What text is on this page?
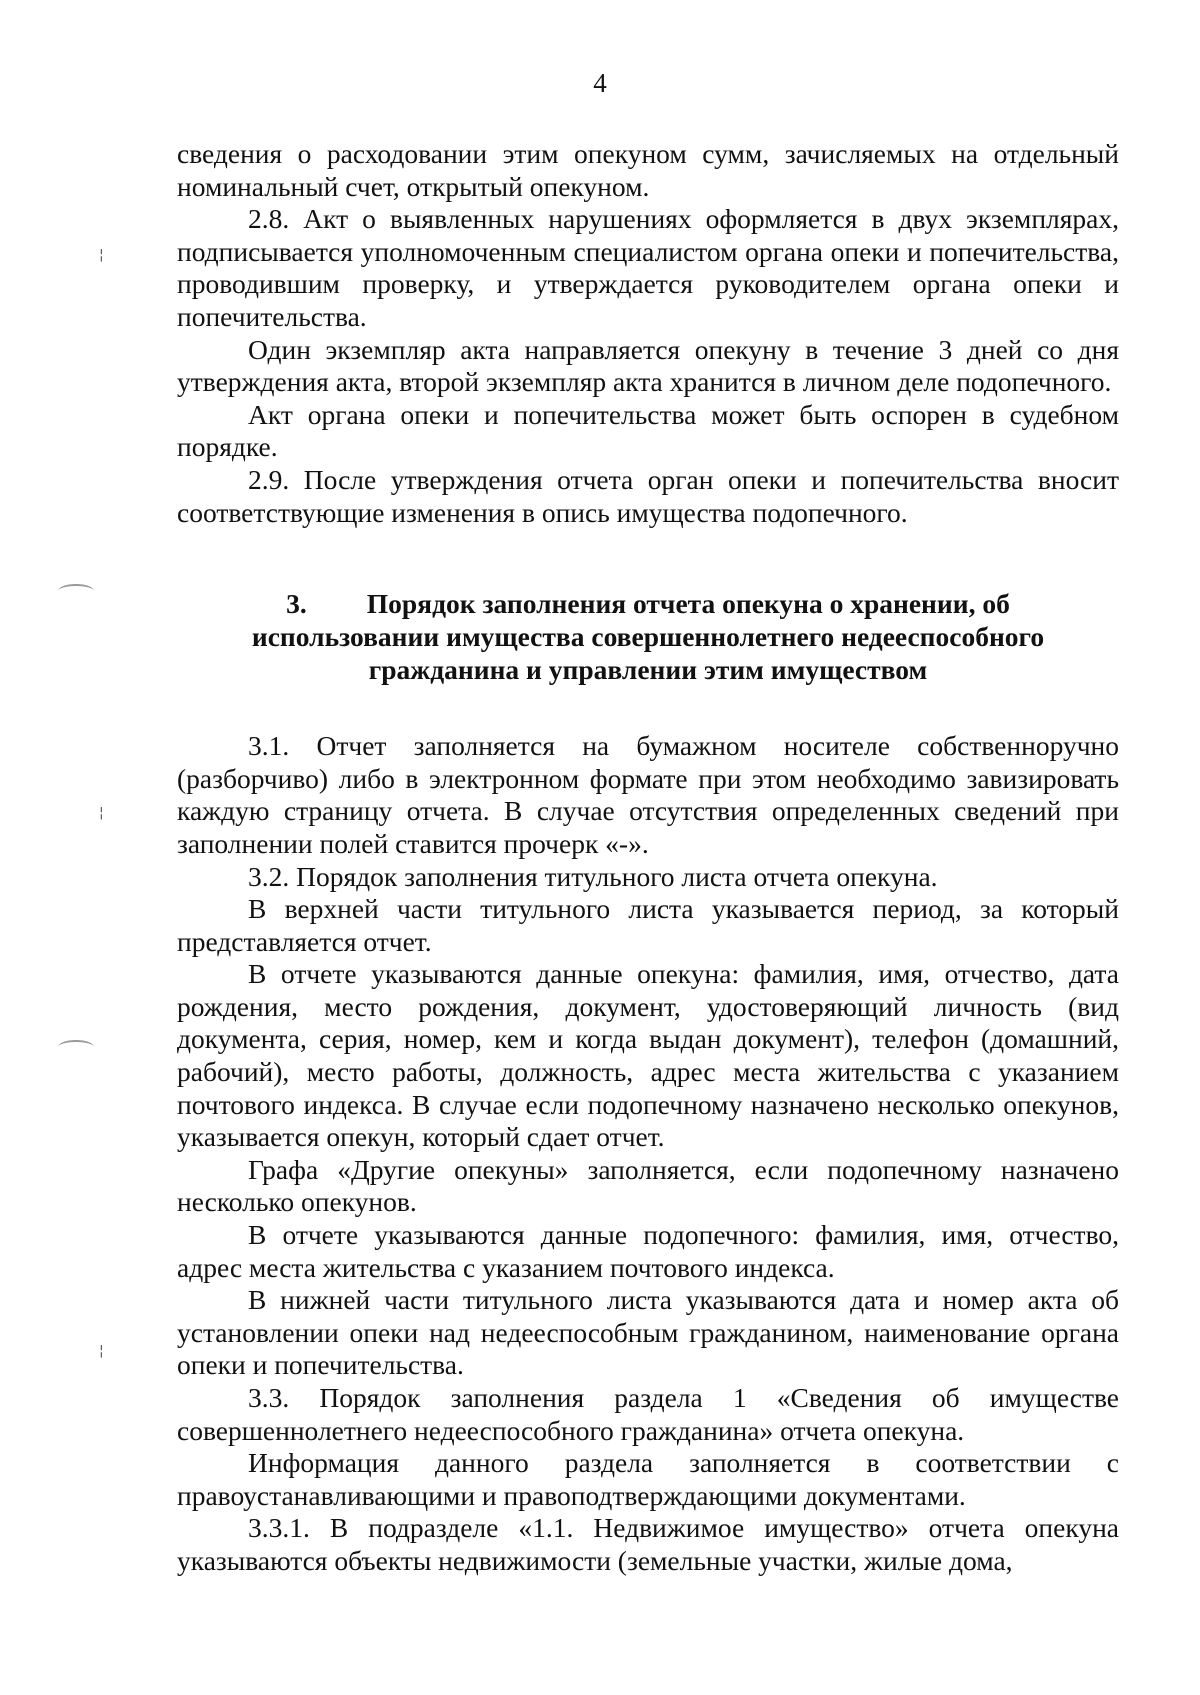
¦
¦
¦
4

сведения о расходовании этим опекуном сумм, зачисляемых на отдельный номинальный счет, открытый опекуном.

2.8. Акт о выявленных нарушениях оформляется в двух экземплярах, подписывается уполномоченным специалистом органа опеки и попечительства, проводившим проверку, и утверждается руководителем органа опеки и попечительства.

Один экземпляр акта направляется опекуну в течение 3 дней со дня утверждения акта, второй экземпляр акта хранится в личном деле подопечного.

Акт органа опеки и попечительства может быть оспорен в судебном порядке.

2.9. После утверждения отчета орган опеки и попечительства вносит соответствующие изменения в опись имущества подопечного.

3. Порядок заполнения отчета опекуна о хранении, об использовании имущества совершеннолетнего недееспособного гражданина и управлении этим имуществом

3.1. Отчет заполняется на бумажном носителе собственноручно (разборчиво) либо в электронном формате при этом необходимо завизировать каждую страницу отчета. В случае отсутствия определенных сведений при заполнении полей ставится прочерк «-».

3.2. Порядок заполнения титульного листа отчета опекуна.

В верхней части титульного листа указывается период, за который представляется отчет.

В отчете указываются данные опекуна: фамилия, имя, отчество, дата рождения, место рождения, документ, удостоверяющий личность (вид документа, серия, номер, кем и когда выдан документ), телефон (домашний, рабочий), место работы, должность, адрес места жительства с указанием почтового индекса. В случае если подопечному назначено несколько опекунов, указывается опекун, который сдает отчет.

Графа «Другие опекуны» заполняется, если подопечному назначено несколько опекунов.

В отчете указываются данные подопечного: фамилия, имя, отчество, адрес места жительства с указанием почтового индекса.

В нижней части титульного листа указываются дата и номер акта об установлении опеки над недееспособным гражданином, наименование органа опеки и попечительства.

3.3. Порядок заполнения раздела 1 «Сведения об имуществе совершеннолетнего недееспособного гражданина» отчета опекуна.

Информация данного раздела заполняется в соответствии с правоустанавливающими и правоподтверждающими документами.

3.3.1. В подразделе «1.1. Недвижимое имущество» отчета опекуна указываются объекты недвижимости (земельные участки, жилые дома,
